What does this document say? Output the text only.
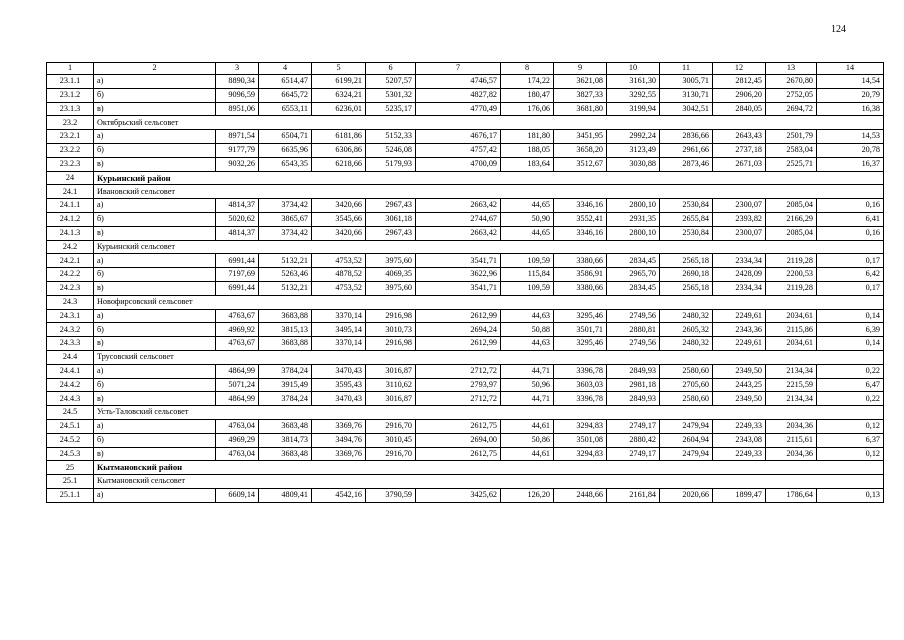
124
1	2	3	4	5	6	7	8	9	10	11	12	13	14
23.1.1	а)	8890,34	6514,47	6199,21	5207,57	4746,57	174,22	3621,08	3161,30	3005,71	2812,45	2670,80	14,54
23.1.2	б)	9096,59	6645,72	6324,21	5301,32	4827,82	180,47	3827,33	3292,55	3130,71	2906,20	2752,05	20,79
23.1.3	в)	8951,06	6553,11	6236,01	5235,17	4770,49	176,06	3681,80	3199,94	3042,51	2840,05	2694,72	16,38
23.2	Октябрьский сельсовет												
23.2.1	а)	8971,54	6504,71	6181,86	5152,33	4676,17	181,80	3451,95	2992,24	2836,66	2643,43	2501,79	14,53
23.2.2	б)	9177,79	6635,96	6306,86	5246,08	4757,42	188,05	3658,20	3123,49	2961,66	2737,18	2583,04	20,78
23.2.3	в)	9032,26	6543,35	6218,66	5179,93	4700,09	183,64	3512,67	3030,88	2873,46	2671,03	2525,71	16,37
24	Курьинский район												
24.1	Ивановский сельсовет												
24.1.1	а)	4814,37	3734,42	3420,66	2967,43	2663,42	44,65	3346,16	2800,10	2530,84	2300,07	2085,04	0,16
24.1.2	б)	5020,62	3865,67	3545,66	3061,18	2744,67	50,90	3552,41	2931,35	2655,84	2393,82	2166,29	6,41
24.1.3	в)	4814,37	3734,42	3420,66	2967,43	2663,42	44,65	3346,16	2800,10	2530,84	2300,07	2085,04	0,16
24.2	Курьинский сельсовет												
24.2.1	а)	6991,44	5132,21	4753,52	3975,60	3541,71	109,59	3380,66	2834,45	2565,18	2334,34	2119,28	0,17
24.2.2	б)	7197,69	5263,46	4878,52	4069,35	3622,96	115,84	3586,91	2965,70	2690,18	2428,09	2200,53	6,42
24.2.3	в)	6991,44	5132,21	4753,52	3975,60	3541,71	109,59	3380,66	2834,45	2565,18	2334,34	2119,28	0,17
24.3	Новофирсовский сельсовет												
24.3.1	а)	4763,67	3683,88	3370,14	2916,98	2612,99	44,63	3295,46	2749,56	2480,32	2249,61	2034,61	0,14
24.3.2	б)	4969,92	3815,13	3495,14	3010,73	2694,24	50,88	3501,71	2880,81	2605,32	2343,36	2115,86	6,39
24.3.3	в)	4763,67	3683,88	3370,14	2916,98	2612,99	44,63	3295,46	2749,56	2480,32	2249,61	2034,61	0,14
24.4	Трусовский сельсовет												
24.4.1	а)	4864,99	3784,24	3470,43	3016,87	2712,72	44,71	3396,78	2849,93	2580,60	2349,50	2134,34	0,22
24.4.2	б)	5071,24	3915,49	3595,43	3110,62	2793,97	50,96	3603,03	2981,18	2705,60	2443,25	2215,59	6,47
24.4.3	в)	4864,99	3784,24	3470,43	3016,87	2712,72	44,71	3396,78	2849,93	2580,60	2349,50	2134,34	0,22
24.5	Усть-Таловский сельсовет												
24.5.1	а)	4763,04	3683,48	3369,76	2916,70	2612,75	44,61	3294,83	2749,17	2479,94	2249,33	2034,36	0,12
24.5.2	б)	4969,29	3814,73	3494,76	3010,45	2694,00	50,86	3501,08	2880,42	2604,94	2343,08	2115,61	6,37
24.5.3	в)	4763,04	3683,48	3369,76	2916,70	2612,75	44,61	3294,83	2749,17	2479,94	2249,33	2034,36	0,12
25	Кытмановский район												
25.1	Кытмановский сельсовет												
25.1.1	а)	6609,14	4809,41	4542,16	3790,59	3425,62	126,20	2448,66	2161,84	2020,66	1899,47	1786,64	0,13
